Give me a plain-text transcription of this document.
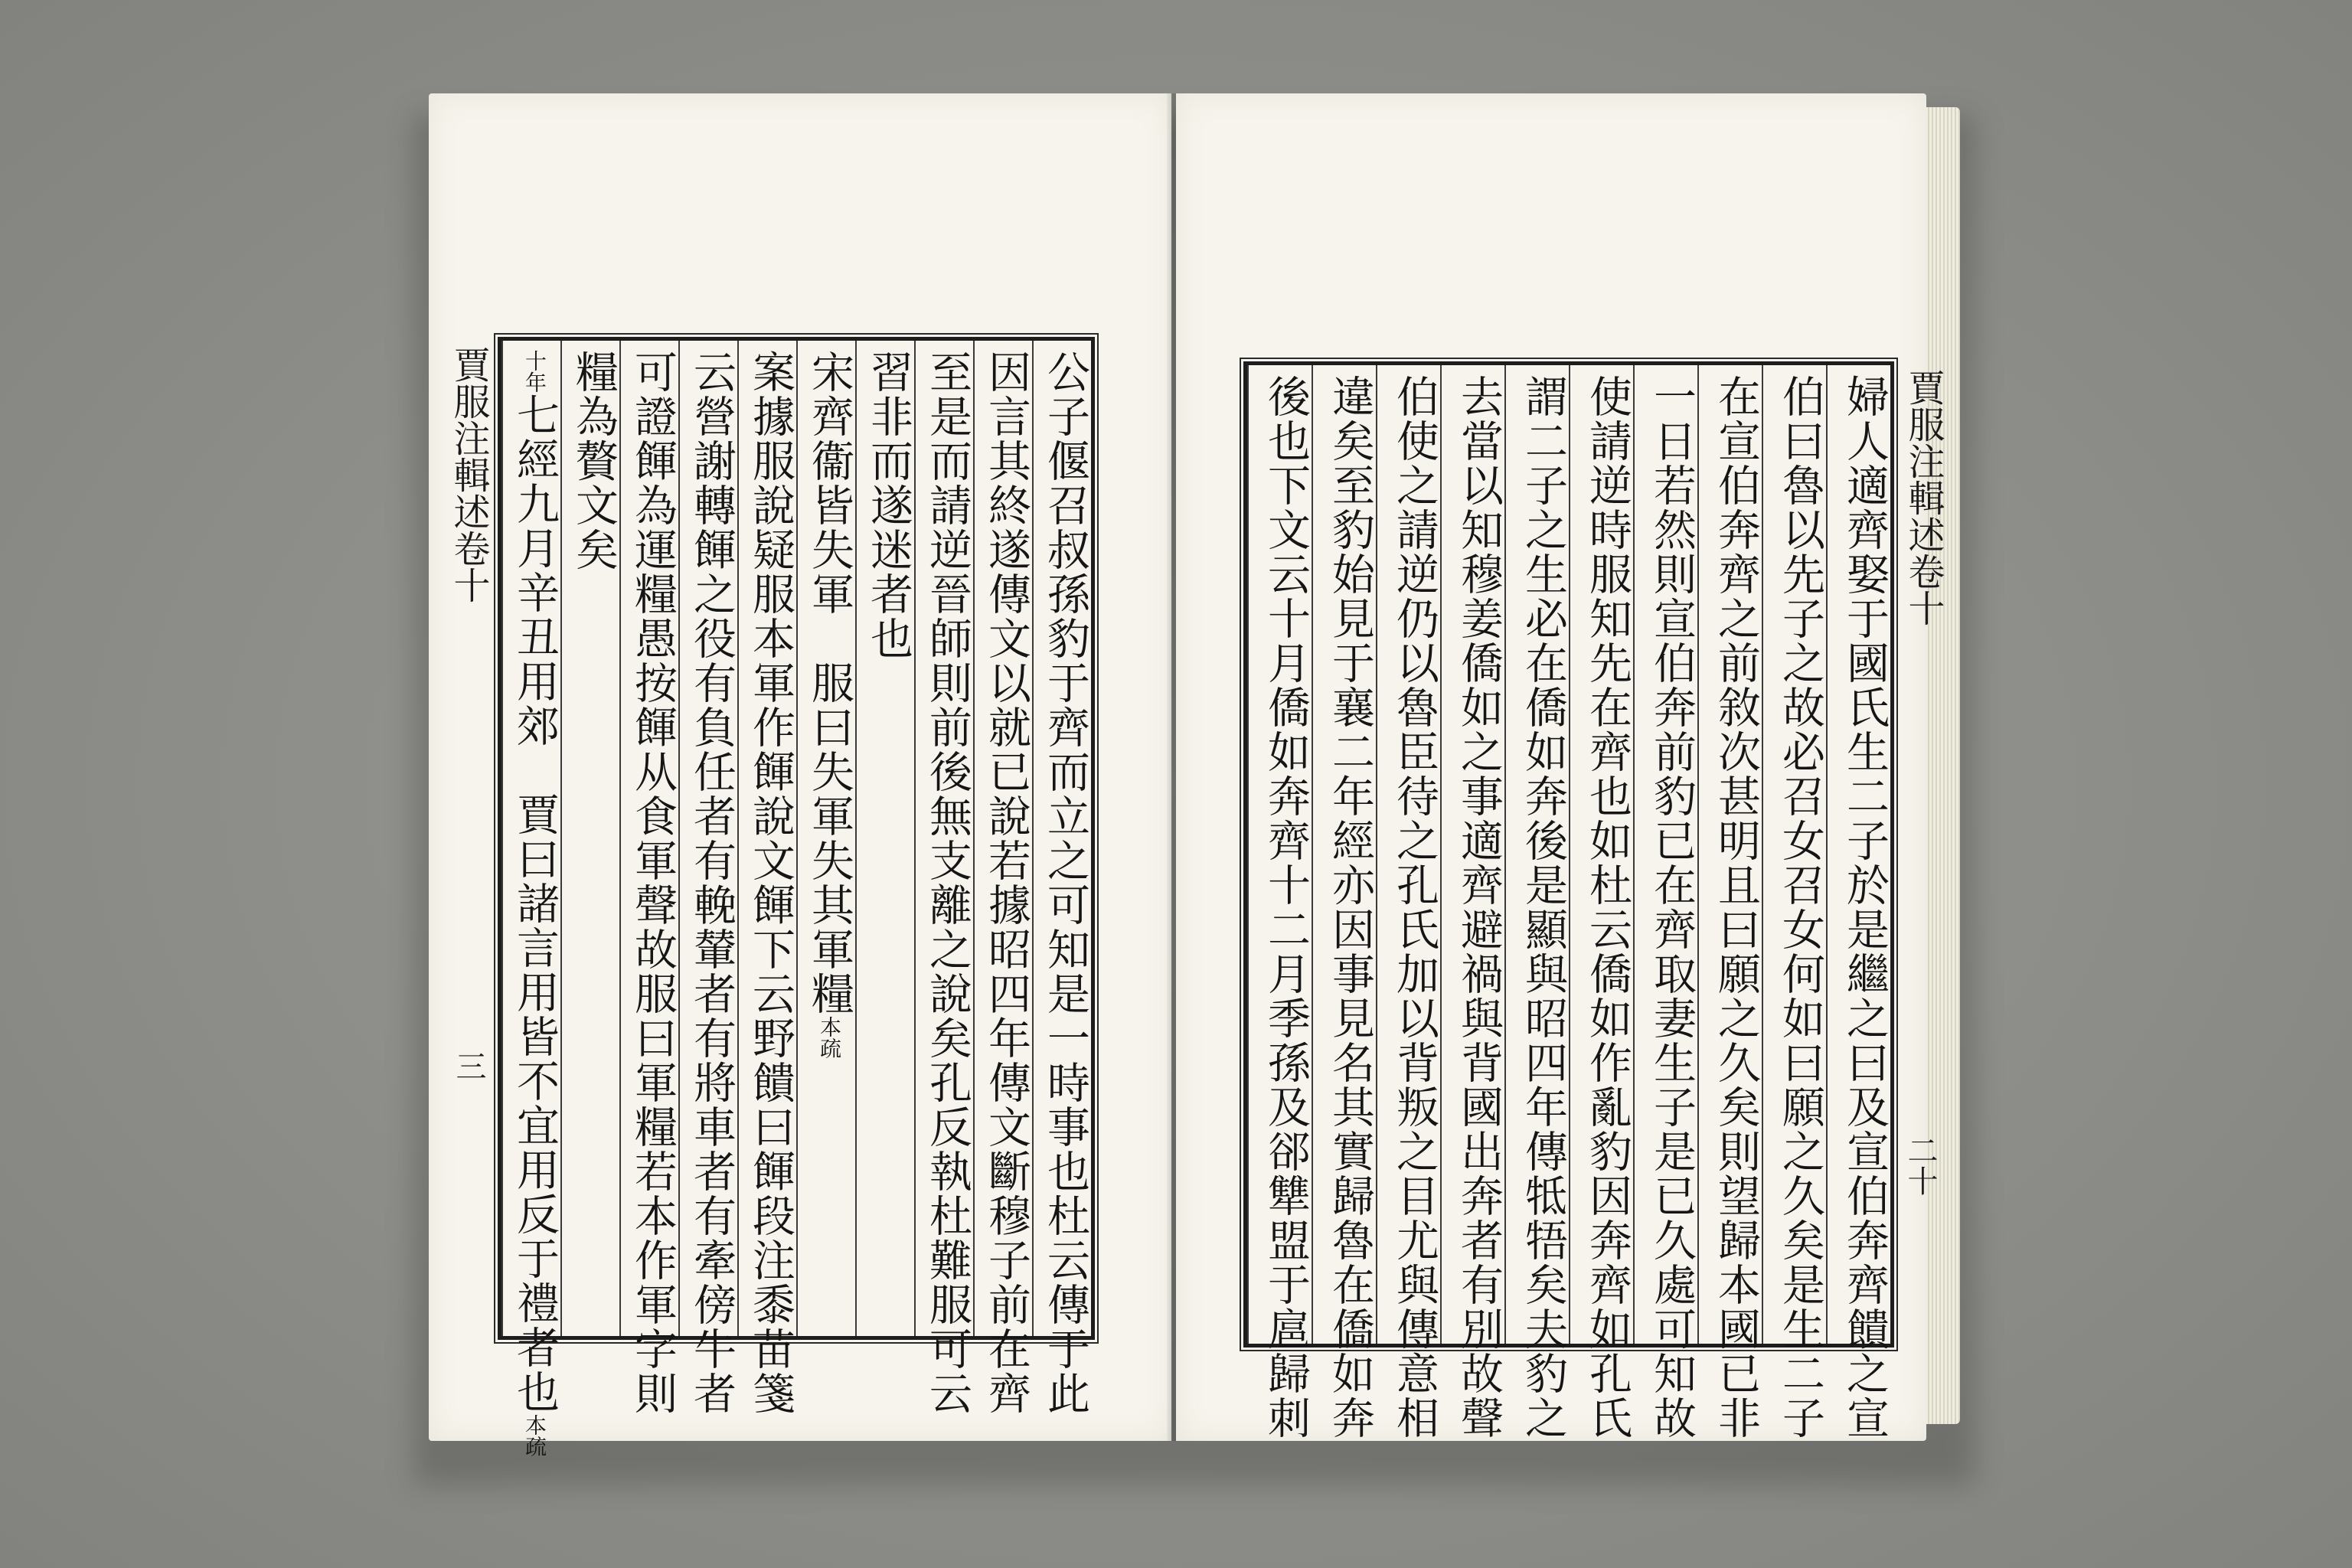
公子偃召叔孫豹于齊而立之可知是一時事也杜云傳于此
因言其終遂傳文以就已說若據昭四年傳文斷穆子前在齊
至是而請逆晉師則前後無支離之說矣孔反執杜難服可云
習非而遂迷者也
宋齊衞皆失軍　服曰失軍失其軍糧本疏
案據服說疑服本軍作餫說文餫下云野饋曰餫段注黍苗箋
云營謝轉餫之役有負任者有輓輦者有將車者有牽傍牛者
可證餫為運糧愚按餫从食軍聲故服曰軍糧若本作軍字則
糧為贅文矣
十年七經九月辛丑用郊　賈曰諸言用皆不宜用反于禮者也本疏
賈服注輯述卷十
三	婦人適齊娶于國氏生二子於是繼之曰及宣伯奔齊饋之宣
伯曰魯以先子之故必召女召女何如曰願之久矣是生二子
在宣伯奔齊之前敘次甚明且曰願之久矣則望歸本國已非
一日若然則宣伯奔前豹已在齊取妻生子是已久處可知故
使請逆時服知先在齊也如杜云僑如作亂豹因奔齊如孔氏
謂二子之生必在僑如奔後是顯與昭四年傳牴牾矣夫豹之
去當以知穆姜僑如之事適齊避禍與背國出奔者有別故聲
伯使之請逆仍以魯臣待之孔氏加以背叛之目尤與傳意相
違矣至豹始見于襄二年經亦因事見名其實歸魯在僑如奔
後也下文云十月僑如奔齊十二月季孫及郤犨盟于扈歸刺	賈服注輯述卷十
二十
